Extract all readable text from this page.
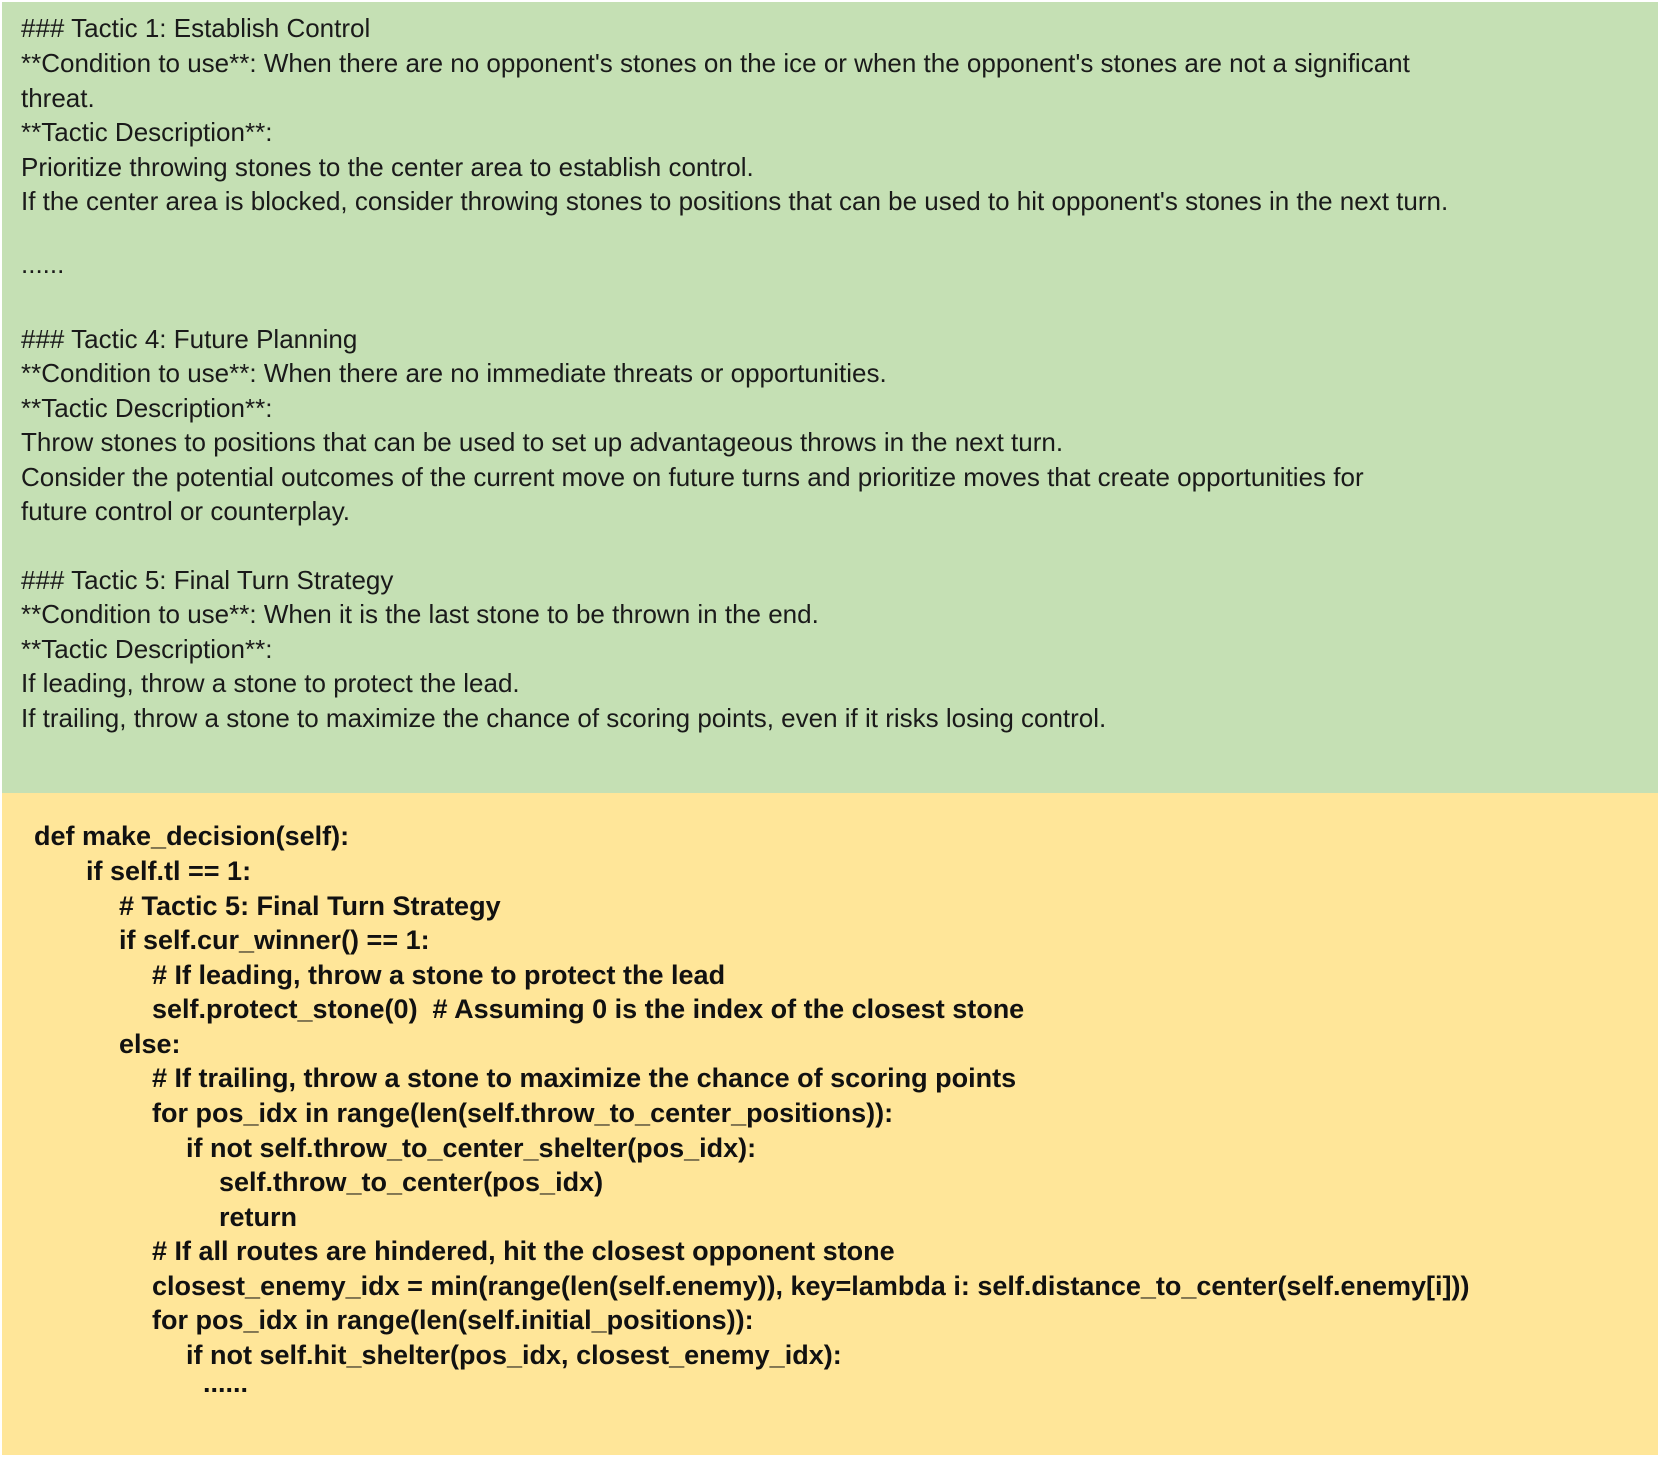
### Tactic 1: Establish Control
**Condition to use**: When there are no opponent's stones on the ice or when the opponent's stones are not a significant
threat.
**Tactic Description**:
Prioritize throwing stones to the center area to establish control.
If the center area is blocked, consider throwing stones to positions that can be used to hit opponent's stones in the next turn.
......
### Tactic 4: Future Planning
**Condition to use**: When there are no immediate threats or opportunities.
**Tactic Description**:
Throw stones to positions that can be used to set up advantageous throws in the next turn.
Consider the potential outcomes of the current move on future turns and prioritize moves that create opportunities for
future control or counterplay.
### Tactic 5: Final Turn Strategy
**Condition to use**: When it is the last stone to be thrown in the end.
**Tactic Description**:
If leading, throw a stone to protect the lead.
If trailing, throw a stone to maximize the chance of scoring points, even if it risks losing control.
def make_decision(self):
if self.tl == 1:
# Tactic 5: Final Turn Strategy
if self.cur_winner() == 1:
# If leading, throw a stone to protect the lead
self.protect_stone(0)  # Assuming 0 is the index of the closest stone
else:
# If trailing, throw a stone to maximize the chance of scoring points
for pos_idx in range(len(self.throw_to_center_positions)):
if not self.throw_to_center_shelter(pos_idx):
self.throw_to_center(pos_idx)
return
# If all routes are hindered, hit the closest opponent stone
closest_enemy_idx = min(range(len(self.enemy)), key=lambda i: self.distance_to_center(self.enemy[i]))
for pos_idx in range(len(self.initial_positions)):
if not self.hit_shelter(pos_idx, closest_enemy_idx):
......
